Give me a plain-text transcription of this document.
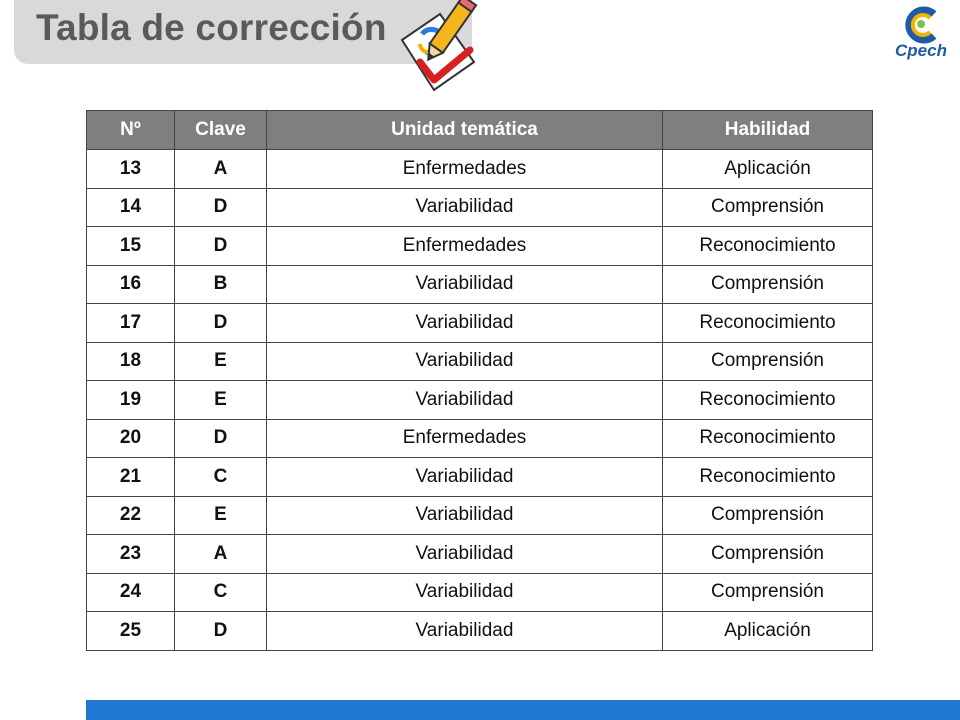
Tabla de corrección
Cpech
Nº	Clave	Unidad temática	Habilidad
13	A	Enfermedades	Aplicación
14	D	Variabilidad	Comprensión
15	D	Enfermedades	Reconocimiento
16	B	Variabilidad	Comprensión
17	D	Variabilidad	Reconocimiento
18	E	Variabilidad	Comprensión
19	E	Variabilidad	Reconocimiento
20	D	Enfermedades	Reconocimiento
21	C	Variabilidad	Reconocimiento
22	E	Variabilidad	Comprensión
23	A	Variabilidad	Comprensión
24	C	Variabilidad	Comprensión
25	D	Variabilidad	Aplicación
